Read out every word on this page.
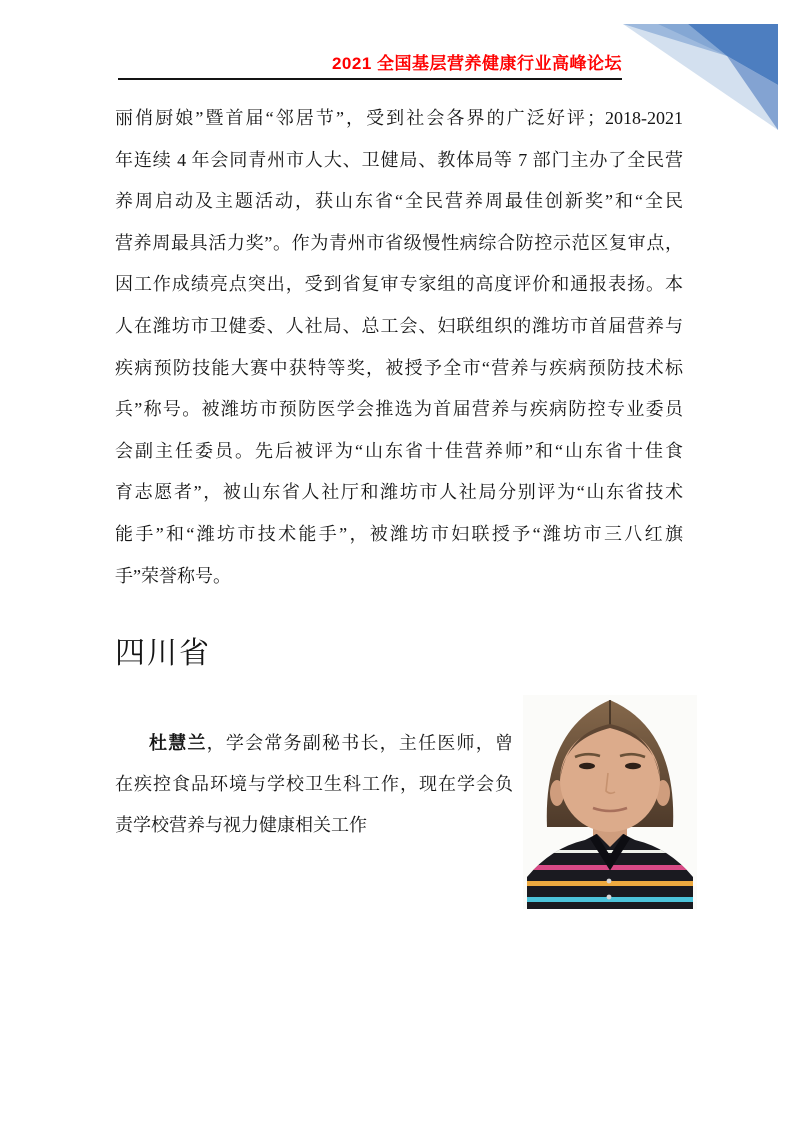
2021 全国基层营养健康行业高峰论坛
丽俏厨娘”暨首届“邻居节”，受到社会各界的广泛好评；2018-2021
年连续 4 年会同青州市人大、卫健局、教体局等 7 部门主办了全民营
养周启动及主题活动，获山东省“全民营养周最佳创新奖”和“全民
营养周最具活力奖”。作为青州市省级慢性病综合防控示范区复审点，
因工作成绩亮点突出，受到省复审专家组的高度评价和通报表扬。本
人在潍坊市卫健委、人社局、总工会、妇联组织的潍坊市首届营养与
疾病预防技能大赛中获特等奖，被授予全市“营养与疾病预防技术标
兵”称号。被潍坊市预防医学会推选为首届营养与疾病防控专业委员
会副主任委员。先后被评为“山东省十佳营养师”和“山东省十佳食
育志愿者”，被山东省人社厅和潍坊市人社局分别评为“山东省技术
能手”和“潍坊市技术能手”，被潍坊市妇联授予“潍坊市三八红旗
手”荣誉称号。
四川省
杜慧兰，学会常务副秘书长，主任医师，曾
在疾控食品环境与学校卫生科工作，现在学会负
责学校营养与视力健康相关工作
